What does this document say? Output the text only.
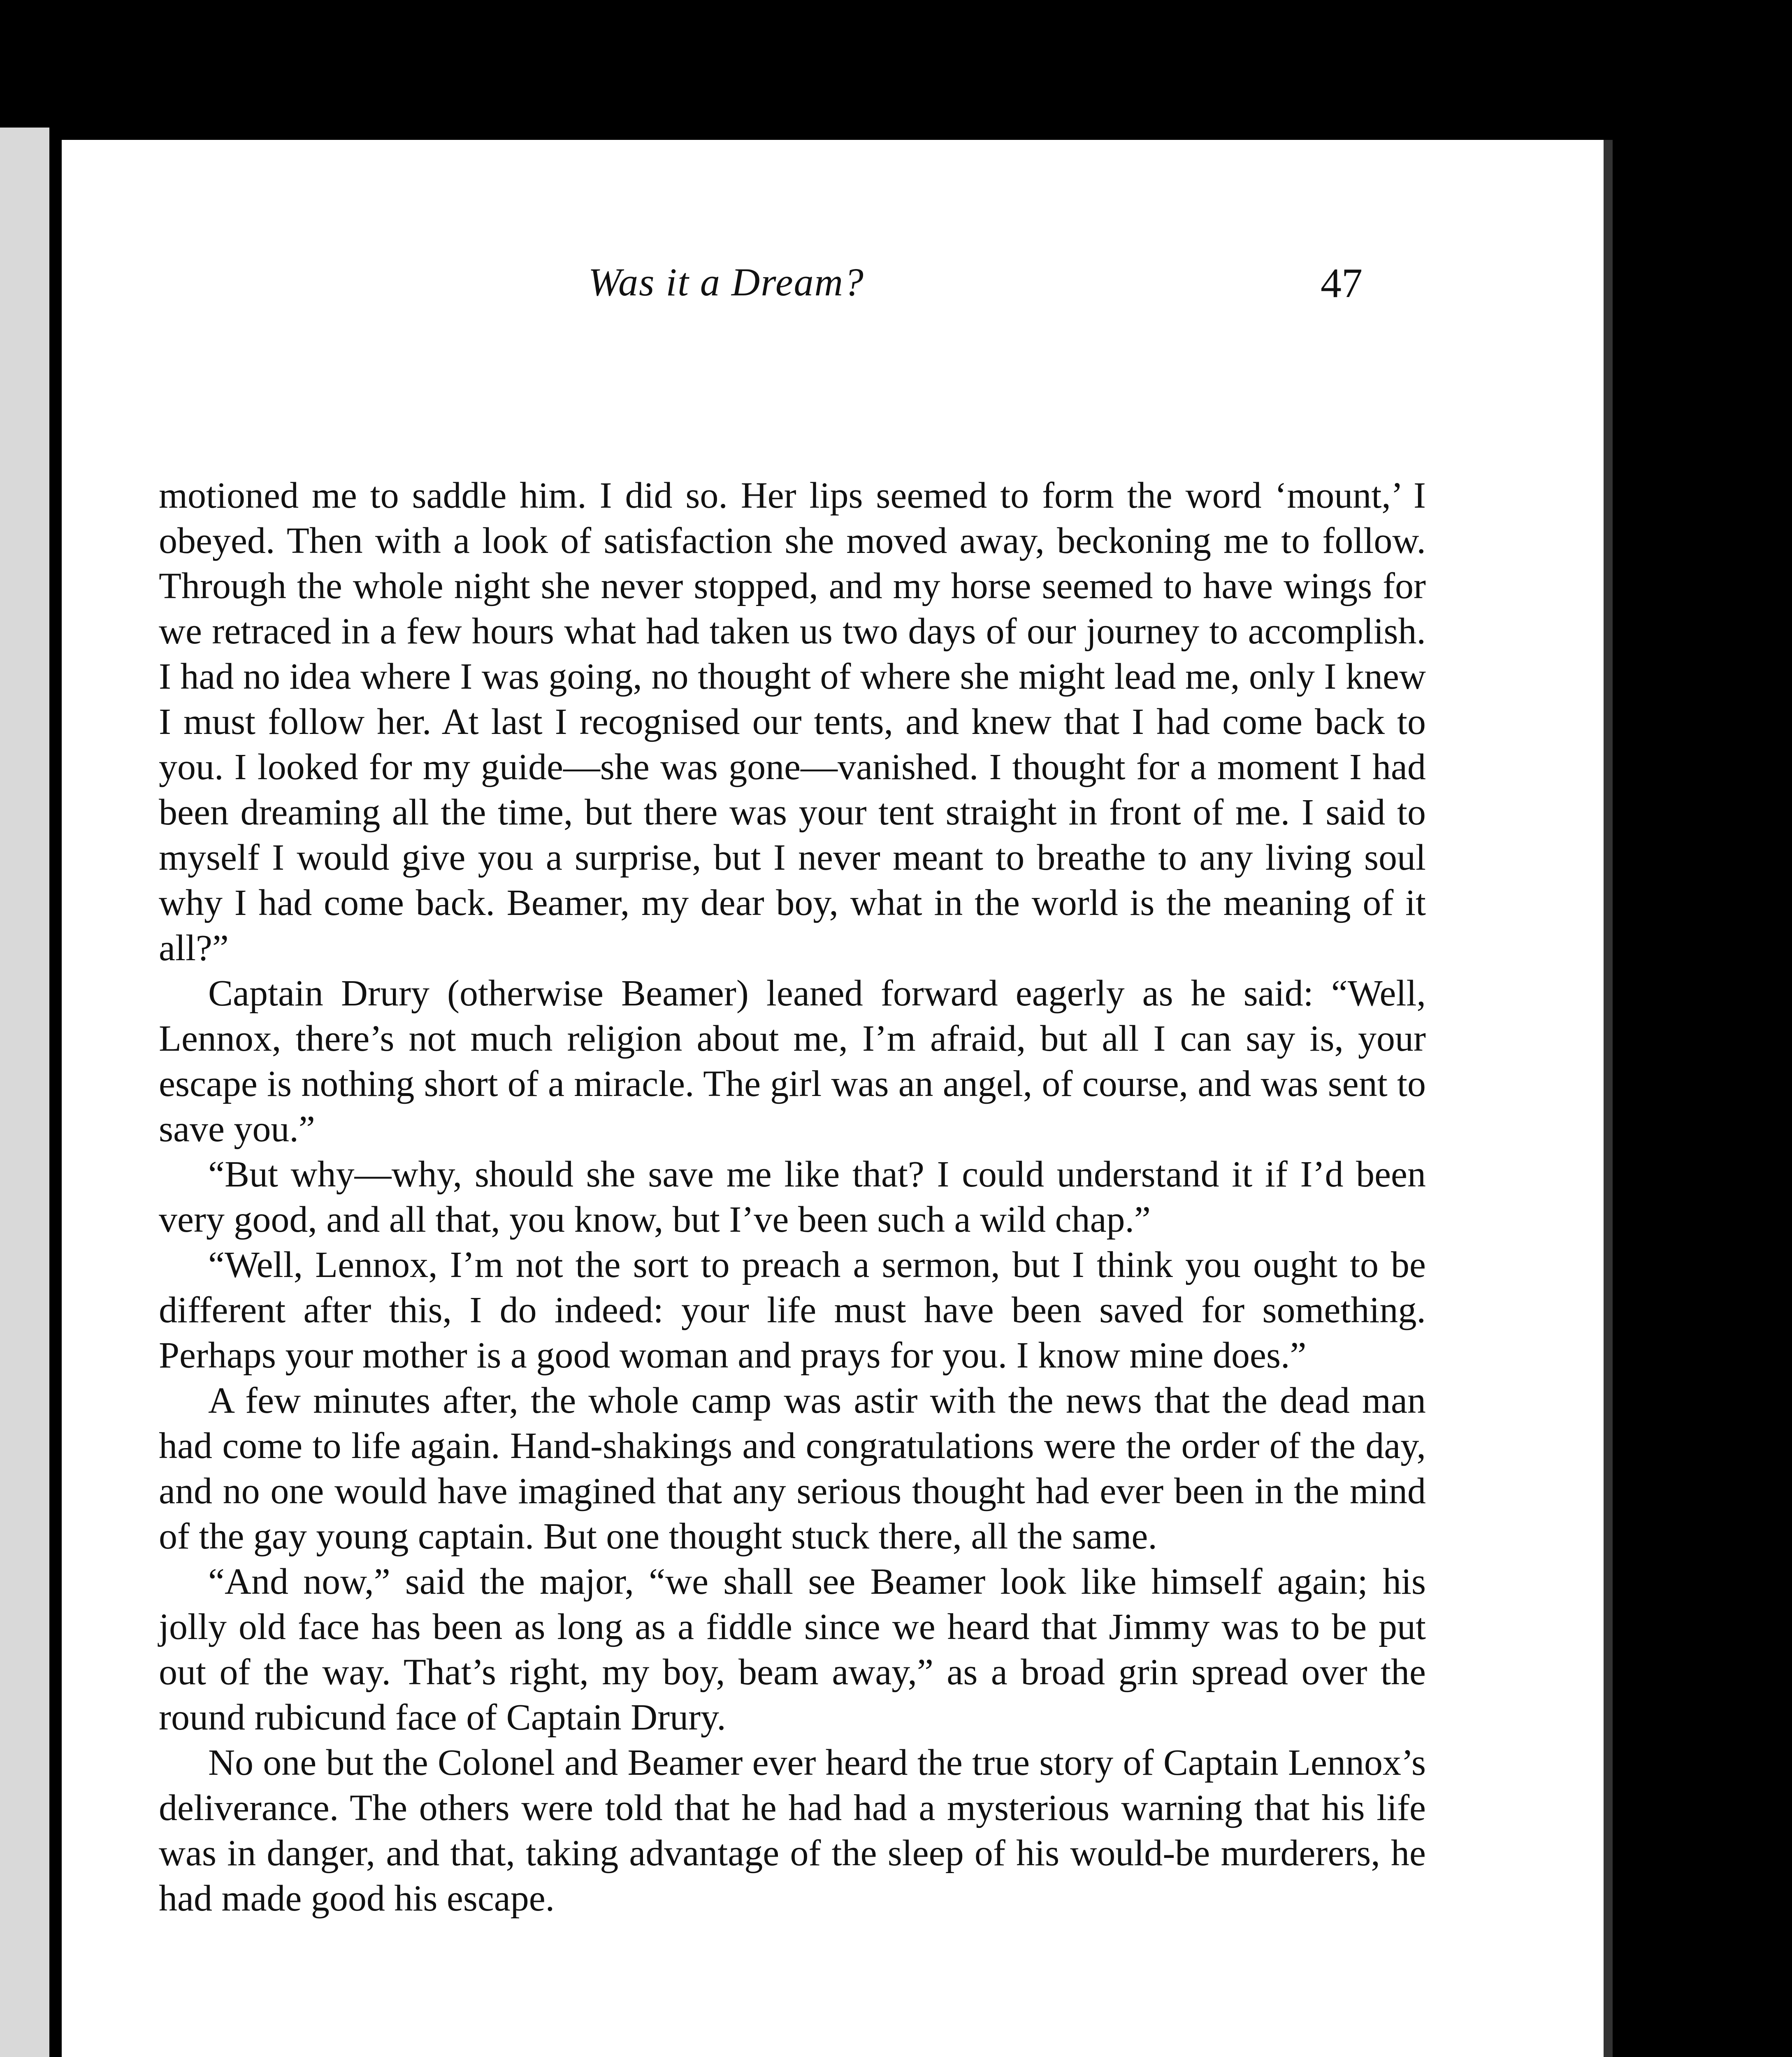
Was it a Dream?	47

motioned me to saddle him. I did so. Her lips seemed to form the word ‘mount,’ I obeyed. Then with a look of satisfaction she moved away, beckoning me to follow. Through the whole night she never stopped, and my horse seemed to have wings for we retraced in a few hours what had taken us two days of our journey to accomplish. I had no idea where I was going, no thought of where she might lead me, only I knew I must follow her. At last I recognised our tents, and knew that I had come back to you. I looked for my guide—she was gone—vanished. I thought for a moment I had been dreaming all the time, but there was your tent straight in front of me. I said to myself I would give you a surprise, but I never meant to breathe to any living soul why I had come back. Beamer, my dear boy, what in the world is the meaning of it all?”

Captain Drury (otherwise Beamer) leaned forward eagerly as he said: “Well, Lennox, there’s not much religion about me, I’m afraid, but all I can say is, your escape is nothing short of a miracle. The girl was an angel, of course, and was sent to save you.”

“But why—why, should she save me like that? I could understand it if I’d been very good, and all that, you know, but I’ve been such a wild chap.”

“Well, Lennox, I’m not the sort to preach a sermon, but I think you ought to be different after this, I do indeed: your life must have been saved for something. Perhaps your mother is a good woman and prays for you. I know mine does.”

A few minutes after, the whole camp was astir with the news that the dead man had come to life again. Hand-shakings and congratulations were the order of the day, and no one would have imagined that any serious thought had ever been in the mind of the gay young captain. But one thought stuck there, all the same.

“And now,” said the major, “we shall see Beamer look like himself again; his jolly old face has been as long as a fiddle since we heard that Jimmy was to be put out of the way. That’s right, my boy, beam away,” as a broad grin spread over the round rubicund face of Captain Drury.

No one but the Colonel and Beamer ever heard the true story of Captain Lennox’s deliverance. The others were told that he had had a mysterious warning that his life was in danger, and that, taking advantage of the sleep of his would-be murderers, he had made good his escape.
